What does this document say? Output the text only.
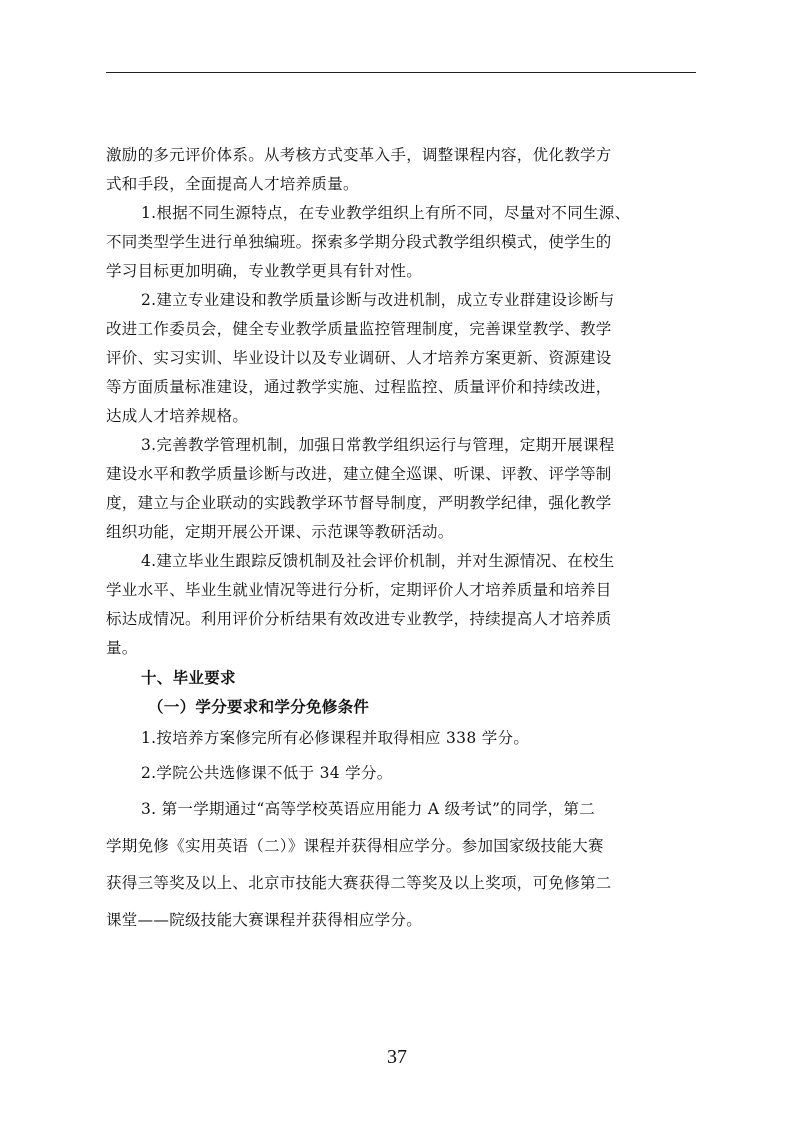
激励的多元评价体系。从考核方式变革入手，调整课程内容，优化教学方
式和手段，全面提高人才培养质量。
1.根据不同生源特点，在专业教学组织上有所不同，尽量对不同生源、
不同类型学生进行单独编班。探索多学期分段式教学组织模式，使学生的
学习目标更加明确，专业教学更具有针对性。
2.建立专业建设和教学质量诊断与改进机制，成立专业群建设诊断与
改进工作委员会，健全专业教学质量监控管理制度，完善课堂教学、教学
评价、实习实训、毕业设计以及专业调研、人才培养方案更新、资源建设
等方面质量标准建设，通过教学实施、过程监控、质量评价和持续改进，
达成人才培养规格。
3.完善教学管理机制，加强日常教学组织运行与管理，定期开展课程
建设水平和教学质量诊断与改进，建立健全巡课、听课、评教、评学等制
度，建立与企业联动的实践教学环节督导制度，严明教学纪律，强化教学
组织功能，定期开展公开课、示范课等教研活动。
4.建立毕业生跟踪反馈机制及社会评价机制，并对生源情况、在校生
学业水平、毕业生就业情况等进行分析，定期评价人才培养质量和培养目
标达成情况。利用评价分析结果有效改进专业教学，持续提高人才培养质
量。
十、毕业要求
（一）学分要求和学分免修条件
1.按培养方案修完所有必修课程并取得相应 338 学分。
2.学院公共选修课不低于 34 学分。
3. 第一学期通过“高等学校英语应用能力 A 级考试”的同学，第二
学期免修《实用英语（二）》课程并获得相应学分。参加国家级技能大赛
获得三等奖及以上、北京市技能大赛获得二等奖及以上奖项，可免修第二
课堂——院级技能大赛课程并获得相应学分。
37
